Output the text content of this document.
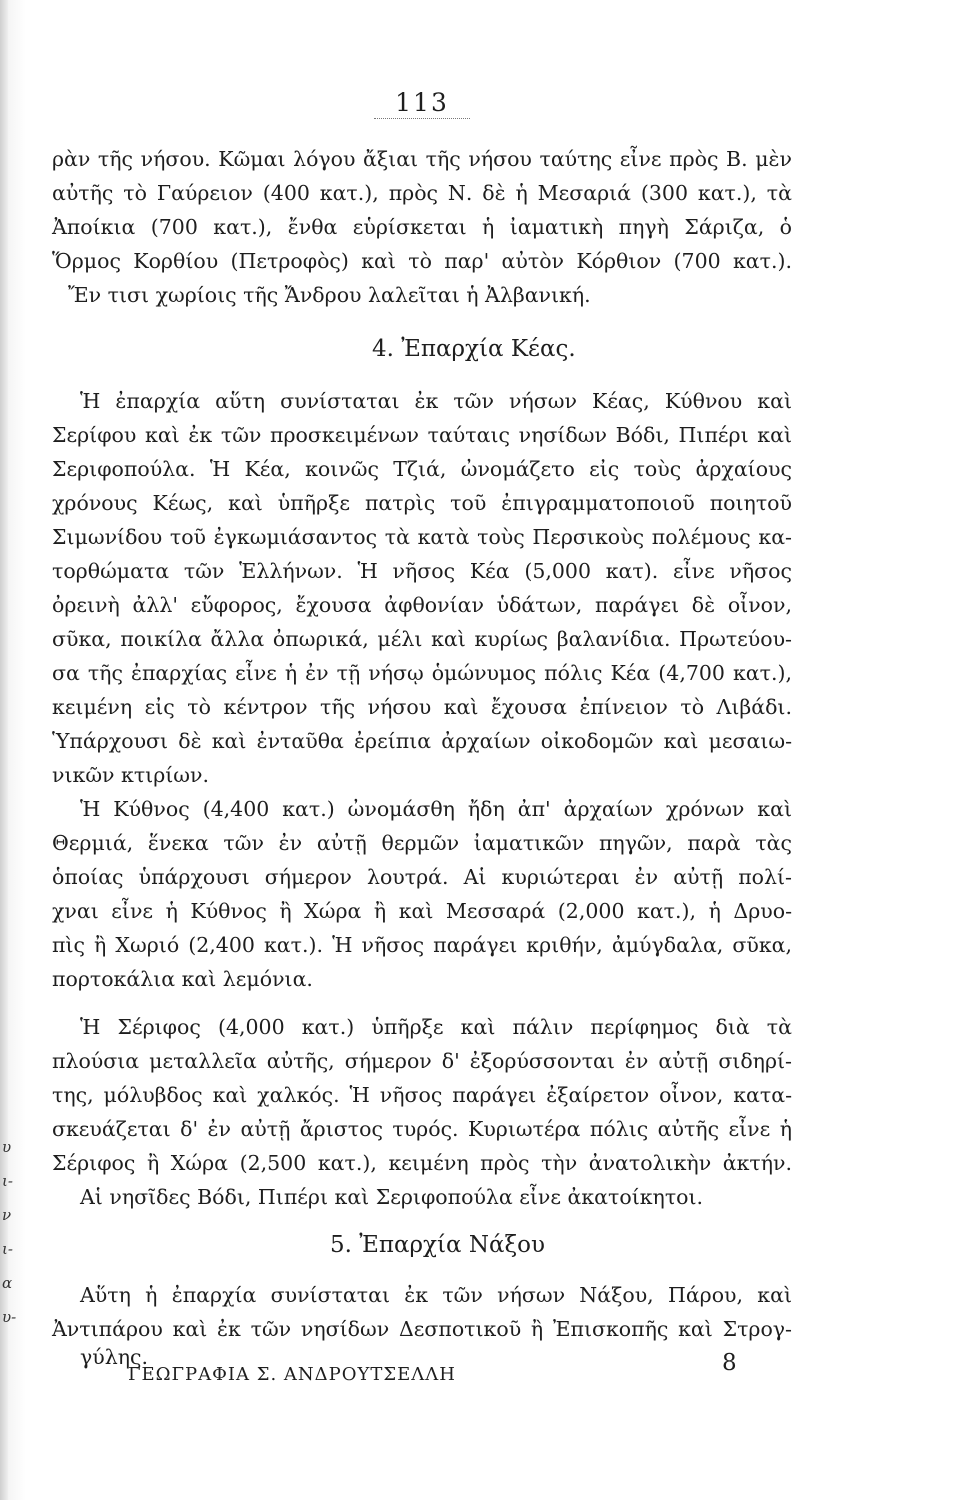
113

ρὰν τῆς νήσου. Κῶμαι λόγου ἄξιαι τῆς νήσου ταύτης εἶνε πρὸς Β. μὲν

αὐτῆς τὸ Γαύρειον (400 κατ.), πρὸς Ν. δὲ ἡ Μεσαριά (300 κατ.), τὰ

Ἀποίκια (700 κατ.), ἔνθα εὑρίσκεται ἡ ἰαματικὴ πηγὴ Σάριζα, ὁ

Ὅρμος Κορθίου (Πετροφὸς) καὶ τὸ παρ' αὐτὸν Κόρθιον (700 κατ.).

Ἔν τισι χωρίοις τῆς Ἄνδρου λαλεῖται ἡ Ἀλβανική.

4. Ἐπαρχία Κέας.

Ἡ ἐπαρχία αὕτη συνίσταται ἐκ τῶν νήσων Κέας, Κύθνου καὶ

Σερίφου καὶ ἐκ τῶν προσκειμένων ταύταις νησίδων Βόδι, Πιπέρι καὶ

Σεριφοπούλα. Ἡ Κέα, κοινῶς Τζιά, ὠνομάζετο εἰς τοὺς ἀρχαίους

χρόνους Κέως, καὶ ὑπῆρξε πατρὶς τοῦ ἐπιγραμματοποιοῦ ποιητοῦ

Σιμωνίδου τοῦ ἐγκωμιάσαντος τὰ κατὰ τοὺς Περσικοὺς πολέμους κα-

τορθώματα τῶν Ἑλλήνων. Ἡ νῆσος Κέα (5,000 κατ). εἶνε νῆσος

ὀρεινὴ ἀλλ' εὔφορος, ἔχουσα ἀφθονίαν ὑδάτων, παράγει δὲ οἶνον,

σῦκα, ποικίλα ἄλλα ὀπωρικά, μέλι καὶ κυρίως βαλανίδια. Πρωτεύου-

σα τῆς ἐπαρχίας εἶνε ἡ ἐν τῇ νήσῳ ὁμώνυμος πόλις Κέα (4,700 κατ.),

κειμένη εἰς τὸ κέντρον τῆς νήσου καὶ ἔχουσα ἐπίνειον τὸ Λιβάδι.

Ὑπάρχουσι δὲ καὶ ἐνταῦθα ἐρείπια ἀρχαίων οἰκοδομῶν καὶ μεσαιω-

νικῶν κτιρίων.

Ἡ Κύθνος (4,400 κατ.) ὠνομάσθη ἤδη ἀπ' ἀρχαίων χρόνων καὶ

Θερμιά, ἕνεκα τῶν ἐν αὐτῇ θερμῶν ἰαματικῶν πηγῶν, παρὰ τὰς

ὁποίας ὑπάρχουσι σήμερον λουτρά. Αἱ κυριώτεραι ἐν αὐτῇ πολί-

χναι εἶνε ἡ Κύθνος ἢ Χώρα ἢ καὶ Μεσσαρά (2,000 κατ.), ἡ Δρυο-

πὶς ἢ Χωριό (2,400 κατ.). Ἡ νῆσος παράγει κριθήν, ἀμύγδαλα, σῦκα,

πορτοκάλια καὶ λεμόνια.

Ἡ Σέριφος (4,000 κατ.) ὑπῆρξε καὶ πάλιν περίφημος διὰ τὰ

πλούσια μεταλλεῖα αὐτῆς, σήμερον δ' ἐξορύσσονται ἐν αὐτῇ σιδηρί-

της, μόλυβδος καὶ χαλκός. Ἡ νῆσος παράγει ἐξαίρετον οἶνον, κατα-

σκευάζεται δ' ἐν αὐτῇ ἄριστος τυρός. Κυριωτέρα πόλις αὐτῆς εἶνε ἡ

Σέριφος ἢ Χώρα (2,500 κατ.), κειμένη πρὸς τὴν ἀνατολικὴν ἀκτήν.

Αἱ νησῖδες Βόδι, Πιπέρι καὶ Σεριφοπούλα εἶνε ἀκατοίκητοι.

5. Ἐπαρχία Νάξου

Αὕτη ἡ ἐπαρχία συνίσταται ἐκ τῶν νήσων Νάξου, Πάρου, καὶ

Ἀντιπάρου καὶ ἐκ τῶν νησίδων Δεσποτικοῦ ἢ Ἐπισκοπῆς καὶ Στρογ-

γύλης.	8

ΓΕΩΓΡΑΦΙΑ Σ. ΑΝΔΡΟΥΤΣΕΛΛΗ

υ
ι-
ν
ι-
α
υ-
